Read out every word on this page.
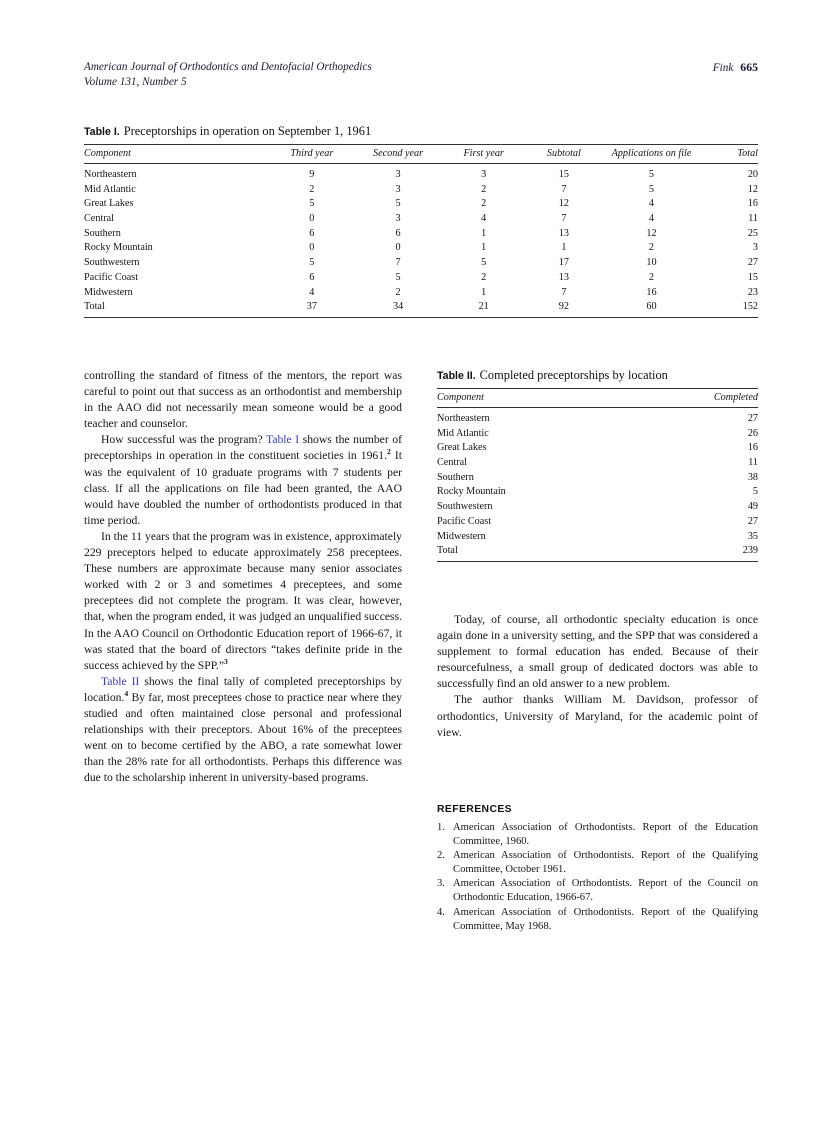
American Journal of Orthodontics and Dentofacial Orthopedics
Volume 131, Number 5
Fink 665
Table I. Preceptorships in operation on September 1, 1961
Component	Third year	Second year	First year	Subtotal	Applications on file	Total
Northeastern	9	3	3	15	5	20
Mid Atlantic	2	3	2	7	5	12
Great Lakes	5	5	2	12	4	16
Central	0	3	4	7	4	11
Southern	6	6	1	13	12	25
Rocky Mountain	0	0	1	1	2	3
Southwestern	5	7	5	17	10	27
Pacific Coast	6	5	2	13	2	15
Midwestern	4	2	1	7	16	23
Total	37	34	21	92	60	152
Table II. Completed preceptorships by location
Component	Completed
Northeastern	27
Mid Atlantic	26
Great Lakes	16
Central	11
Southern	38
Rocky Mountain	5
Southwestern	49
Pacific Coast	27
Midwestern	35
Total	239

controlling the standard of fitness of the mentors, the report was careful to point out that success as an orthodontist and membership in the AAO did not necessarily mean someone would be a good teacher and counselor.

How successful was the program? Table I shows the number of preceptorships in operation in the constituent societies in 1961.$^2$ It was the equivalent of 10 graduate programs with 7 students per class. If all the applications on file had been granted, the AAO would have doubled the number of orthodontists produced in that time period.

In the 11 years that the program was in existence, approximately 229 preceptors helped to educate approximately 258 preceptees. These numbers are approximate because many senior associates worked with 2 or 3 and sometimes 4 preceptees, and some preceptees did not complete the program. It was clear, however, that, when the program ended, it was judged an unqualified success. In the AAO Council on Orthodontic Education report of 1966-67, it was stated that the board of directors “takes definite pride in the success achieved by the SPP.”$^3$

Table II shows the final tally of completed preceptorships by location.$^4$ By far, most preceptees chose to practice near where they studied and often maintained close personal and professional relationships with their preceptors. About 16% of the preceptees went on to become certified by the ABO, a rate somewhat lower than the 28% rate for all orthodontists. Perhaps this difference was due to the scholarship inherent in university-based programs.

Today, of course, all orthodontic specialty education is once again done in a university setting, and the SPP that was considered a supplement to formal education has ended. Because of their resourcefulness, a small group of dedicated doctors was able to successfully find an old answer to a new problem.

The author thanks William M. Davidson, professor of orthodontics, University of Maryland, for the academic point of view.

REFERENCES
1. American Association of Orthodontists. Report of the Education Committee, 1960.
2. American Association of Orthodontists. Report of the Qualifying Committee, October 1961.
3. American Association of Orthodontists. Report of the Council on Orthodontic Education, 1966-67.
4. American Association of Orthodontists. Report of the Qualifying Committee, May 1968.
